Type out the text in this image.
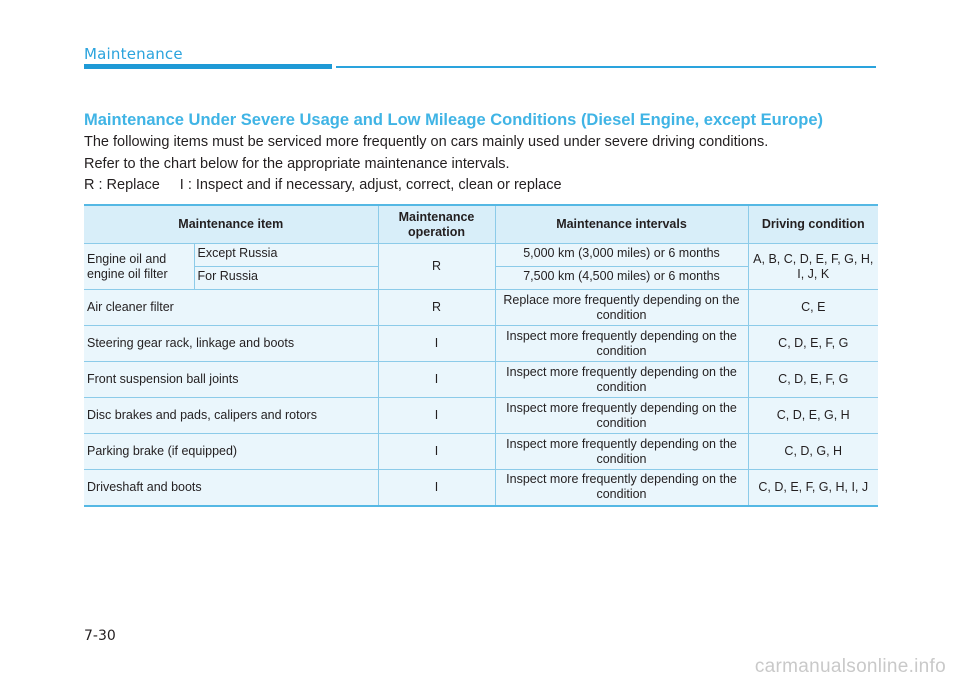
Maintenance
Maintenance Under Severe Usage and Low Mileage Conditions (Diesel Engine, except Europe)
The following items must be serviced more frequently on cars mainly used under severe driving conditions.
Refer to the chart below for the appropriate maintenance intervals.
R : Replace I : Inspect and if necessary, adjust, correct, clean or replace
Maintenance item		Maintenance operation	Maintenance intervals	Driving condition
Engine oil and engine oil filter	Except Russia	R	5,000 km (3,000 miles) or 6 months	A, B, C, D, E, F, G, H, I, J, K
	For Russia		7,500 km (4,500 miles) or 6 months	
Air cleaner filter		R	Replace more frequently depending on the condition	C, E
Steering gear rack, linkage and boots		I	Inspect more frequently depending on the condition	C, D, E, F, G
Front suspension ball joints		I	Inspect more frequently depending on the condition	C, D, E, F, G
Disc brakes and pads, calipers and rotors		I	Inspect more frequently depending on the condition	C, D, E, G, H
Parking brake (if equipped)		I	Inspect more frequently depending on the condition	C, D, G, H
Driveshaft and boots		I	Inspect more frequently depending on the condition	C, D, E, F, G, H, I, J
7-30
carmanualsonline.info
